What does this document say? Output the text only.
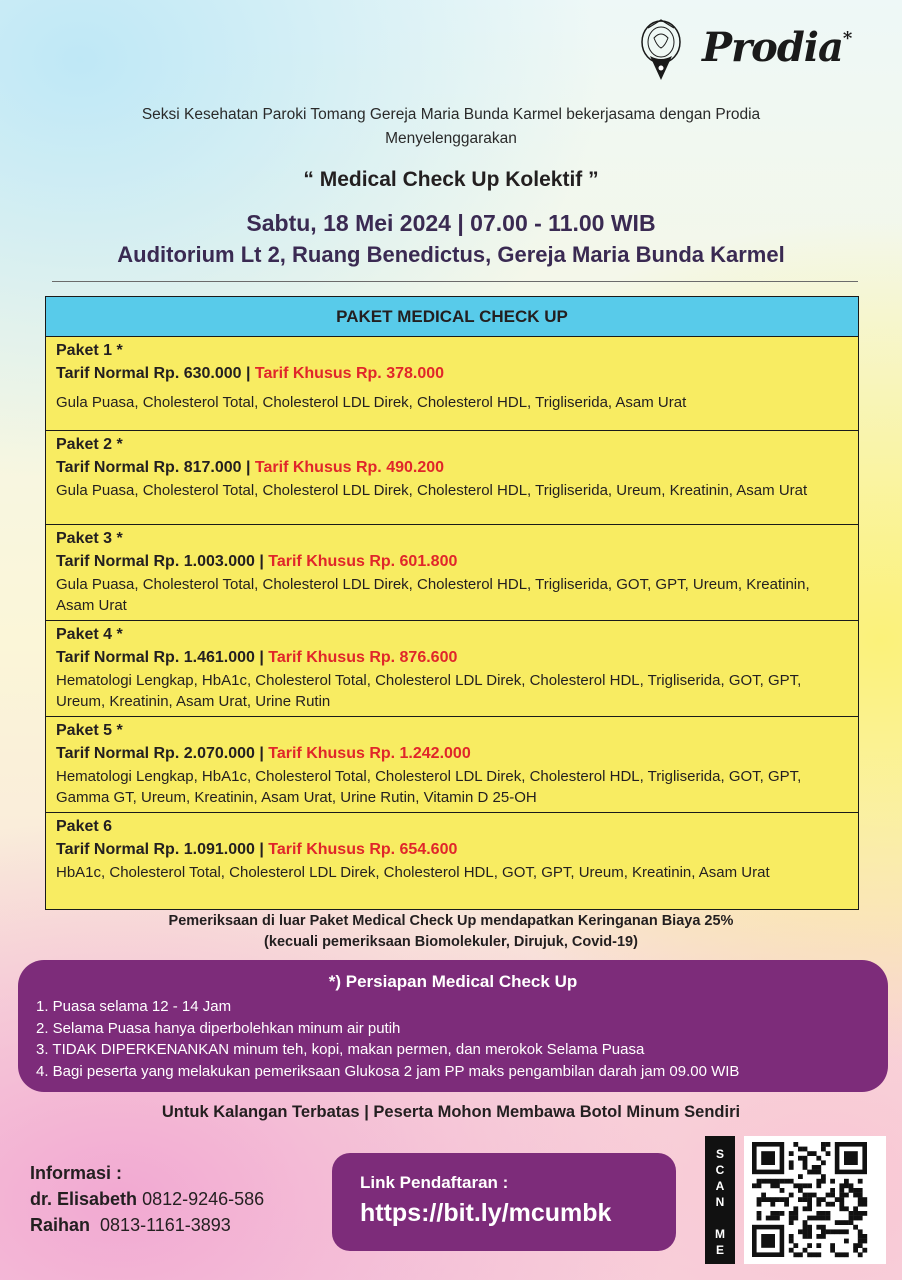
Prodia*
Seksi Kesehatan Paroki Tomang Gereja Maria Bunda Karmel bekerjasama dengan Prodia
Menyelenggarakan
“ Medical Check Up Kolektif ”
Sabtu, 18 Mei 2024 | 07.00 - 11.00 WIB
Auditorium Lt 2, Ruang Benedictus, Gereja Maria Bunda Karmel
PAKET MEDICAL CHECK UP
Paket 1 *
Tarif Normal Rp. 630.000 | Tarif Khusus Rp. 378.000
Gula Puasa, Cholesterol Total, Cholesterol LDL Direk, Cholesterol HDL, Trigliserida, Asam Urat
Paket 2 *
Tarif Normal Rp. 817.000 | Tarif Khusus Rp. 490.200
Gula Puasa, Cholesterol Total, Cholesterol LDL Direk, Cholesterol HDL, Trigliserida, Ureum, Kreatinin, Asam Urat
Paket 3 *
Tarif Normal Rp. 1.003.000 | Tarif Khusus Rp. 601.800
Gula Puasa, Cholesterol Total, Cholesterol LDL Direk, Cholesterol HDL, Trigliserida, GOT, GPT, Ureum, Kreatinin, Asam Urat
Paket 4 *
Tarif Normal Rp. 1.461.000 | Tarif Khusus Rp. 876.600
Hematologi Lengkap, HbA1c, Cholesterol Total, Cholesterol LDL Direk, Cholesterol HDL, Trigliserida, GOT, GPT, Ureum, Kreatinin, Asam Urat, Urine Rutin
Paket 5 *
Tarif Normal Rp. 2.070.000 | Tarif Khusus Rp. 1.242.000
Hematologi Lengkap, HbA1c, Cholesterol Total, Cholesterol LDL Direk, Cholesterol HDL, Trigliserida, GOT, GPT, Gamma GT, Ureum, Kreatinin, Asam Urat, Urine Rutin, Vitamin D 25-OH
Paket 6
Tarif Normal Rp. 1.091.000 | Tarif Khusus Rp. 654.600
HbA1c, Cholesterol Total, Cholesterol LDL Direk, Cholesterol HDL, GOT, GPT, Ureum, Kreatinin, Asam Urat
Pemeriksaan di luar Paket Medical Check Up mendapatkan Keringanan Biaya 25%
(kecuali pemeriksaan Biomolekuler, Dirujuk, Covid-19)
*) Persiapan Medical Check Up
1. Puasa selama 12 - 14 Jam
2. Selama Puasa hanya diperbolehkan minum air putih
3. TIDAK DIPERKENANKAN minum teh, kopi, makan permen, dan merokok Selama Puasa
4. Bagi peserta yang melakukan pemeriksaan Glukosa 2 jam PP maks pengambilan darah jam 09.00 WIB
Untuk Kalangan Terbatas | Peserta Mohon Membawa Botol Minum Sendiri
Informasi :
dr. Elisabeth 0812-9246-586
Raihan 0813-1161-3893
Link Pendaftaran :
https://bit.ly/mcumbk
S
C
A
N
M
E
